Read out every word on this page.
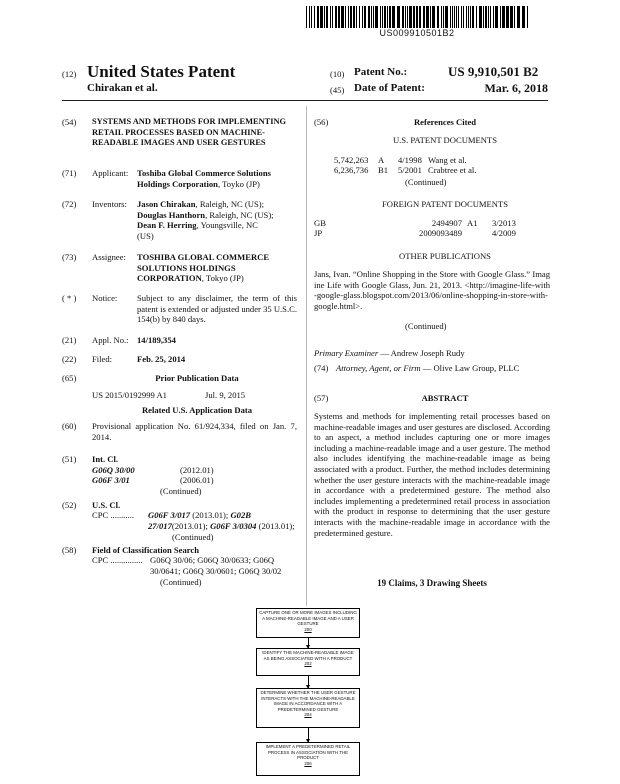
US009910501B2
(12) United States Patent
Chirakan et al.
(10) Patent No.:	US 9,910,501 B2
(45) Date of Patent:	Mar. 6, 2018
(54)	SYSTEMS AND METHODS FOR IMPLEMENTING RETAIL PROCESSES BASED ON MACHINE-READABLE IMAGES AND USER GESTURES
(71)	Applicant: Toshiba Global Commerce Solutions Holdings Corporation, Toyko (JP)
(72)	Inventors: Jason Chirakan, Raleigh, NC (US);
Douglas Hanthorn, Raleigh, NC (US);
Dean F. Herring, Youngsville, NC
(US)
(73)	Assignee: TOSHIBA GLOBAL COMMERCE SOLUTIONS HOLDINGS CORPORATION, Tokyo (JP)
( * )	Notice: Subject to any disclaimer, the term of this patent is extended or adjusted under 35 U.S.C. 154(b) by 840 days.
(21)	Appl. No.: 14/189,354
(22)	Filed:	Feb. 25, 2014
(65)	Prior Publication Data
US 2015/0192999 A1	Jul. 9, 2015
Related U.S. Application Data
(60)	Provisional application No. 61/924,334, filed on Jan. 7, 2014.
(51)	Int. Cl.
G06Q 30/00	(2012.01)
G06F 3/01	(2006.01)
(Continued)
(52)	U.S. Cl.
CPC ........... G06F 3/017 (2013.01); G02B 27/017(2013.01); G06F 3/0304 (2013.01);
(Continued)
(58)	Field of Classification Search
CPC ............... G06Q 30/06; G06Q 30/0633; G06Q 30/0641; G06Q 30/0601; G06Q 30/02
(Continued)
(56)	References Cited
U.S. PATENT DOCUMENTS
5,742,263 A 4/1998 Wang et al.
6,236,736 B1 5/2001 Crabtree et al.
(Continued)
FOREIGN PATENT DOCUMENTS
GB	2494907 A1 3/2013
JP	2009093489	4/2009
OTHER PUBLICATIONS
Jans, Ivan. “Online Shopping in the Store with Google Glass.” Imagine Life with Google Glass, Jun. 21, 2013. <http://imagine-life-with-google-glass.blogspot.com/2013/06/online-shopping-in-store-with-google.html>.
(Continued)
Primary Examiner — Andrew Joseph Rudy
(74) Attorney, Agent, or Firm — Olive Law Group, PLLC
(57)	ABSTRACT
Systems and methods for implementing retail processes based on machine-readable images and user gestures are disclosed. According to an aspect, a method includes capturing one or more images including a machine-readable image and a user gesture. The method also includes identifying the machine-readable image as being associated with a product. Further, the method includes determining whether the user gesture interacts with the machine-readable image in accordance with a predetermined gesture. The method also includes implementing a predetermined retail process in association with the product in response to determining that the user gesture interacts with the machine-readable image in accordance with the predetermined gesture.
19 Claims, 3 Drawing Sheets
CAPTURE ONE OR MORE IMAGES INCLUDING A MACHINE-READABLE IMAGE AND A USER GESTURE
200
IDENTIFY THE MACHINE-READABLE IMAGE AS BEING ASSOCIATED WITH A PRODUCT
202
DETERMINE WHETHER THE USER GESTURE INTERACTS WITH THE MACHINE-READABLE IMAGE IN ACCORDANCE WITH A PREDETERMINED GESTURE
204
IMPLEMENT A PREDETERMINED RETAIL PROCESS IN ASSOCIATION WITH THE PRODUCT
206
